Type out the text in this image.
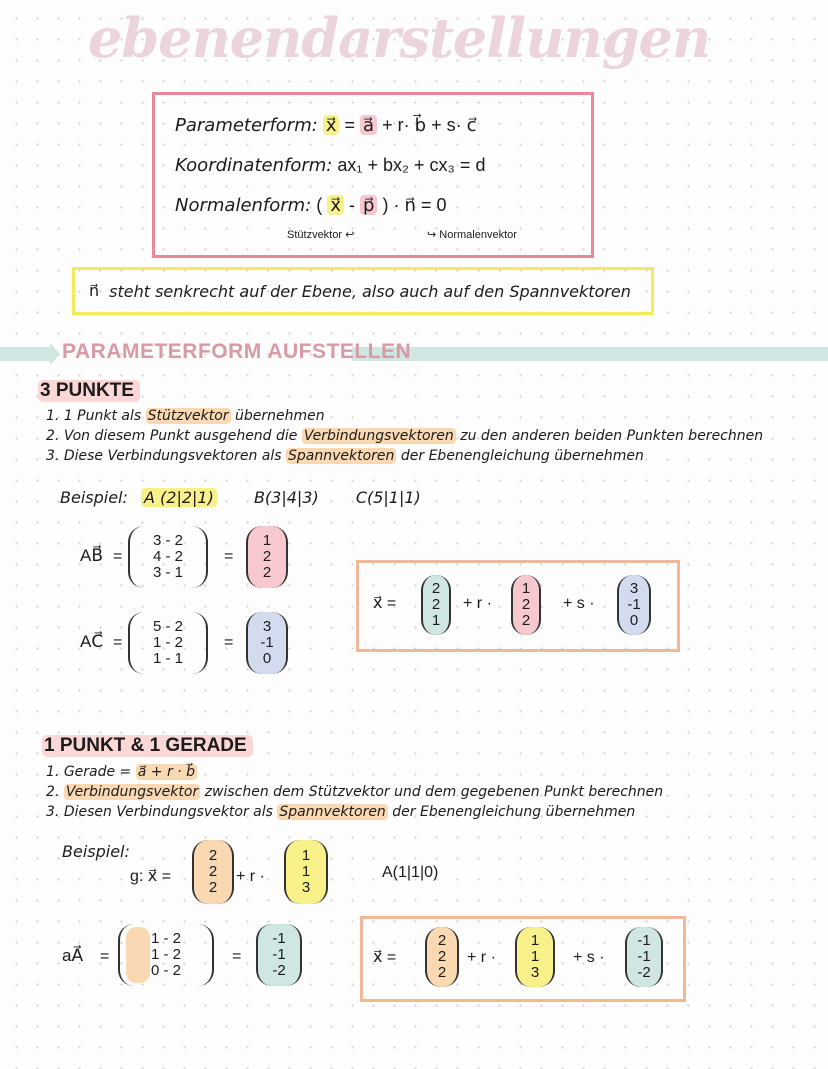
ebenendarstellungen
Parameterform: x⃗ = a⃗ + r· b⃗ + s· c⃗
Koordinatenform: ax₁ + bx₂ + cx₃ = d
Normalenform: ( x⃗ - p⃗ ) · n⃗ = 0
Stützvektor ↩	↪ Normalenvektor
n⃗ steht senkrecht auf der Ebene, also auch auf den Spannvektoren
PARAMETERFORM AUFSTELLEN
3 PUNKTE
1. 1 Punkt als Stützvektor übernehmen
2. Von diesem Punkt ausgehend die Verbindungsvektoren zu den anderen beiden Punkten berechnen
3. Diese Verbindungsvektoren als Spannvektoren der Ebenengleichung übernehmen
Beispiel: A (2|2|1)	B(3|4|3) C(5|1|1)
AB⃗ =
3 - 2
4 - 2
3 - 1
=
1
2
2
AC⃗ =
5 - 2
1 - 2
1 - 1
=
3
-1
0
x⃗ =
2
2
1
+ r ·
1
2
2
+ s ·
3
-1
0
1 PUNKT & 1 GERADE
1. Gerade = a⃗ + r · b⃗
2. Verbindungsvektor zwischen dem Stützvektor und dem gegebenen Punkt berechnen
3. Diesen Verbindungsvektor als Spannvektoren der Ebenengleichung übernehmen
Beispiel:
g: x⃗ =
2
2
2
+ r ·
1
1
3
A(1|1|0)
aA⃗ =
1 - 2
1 - 2
0 - 2
=
-1
-1
-2
x⃗ =
2
2
2
+ r ·
1
1
3
+ s ·
-1
-1
-2
